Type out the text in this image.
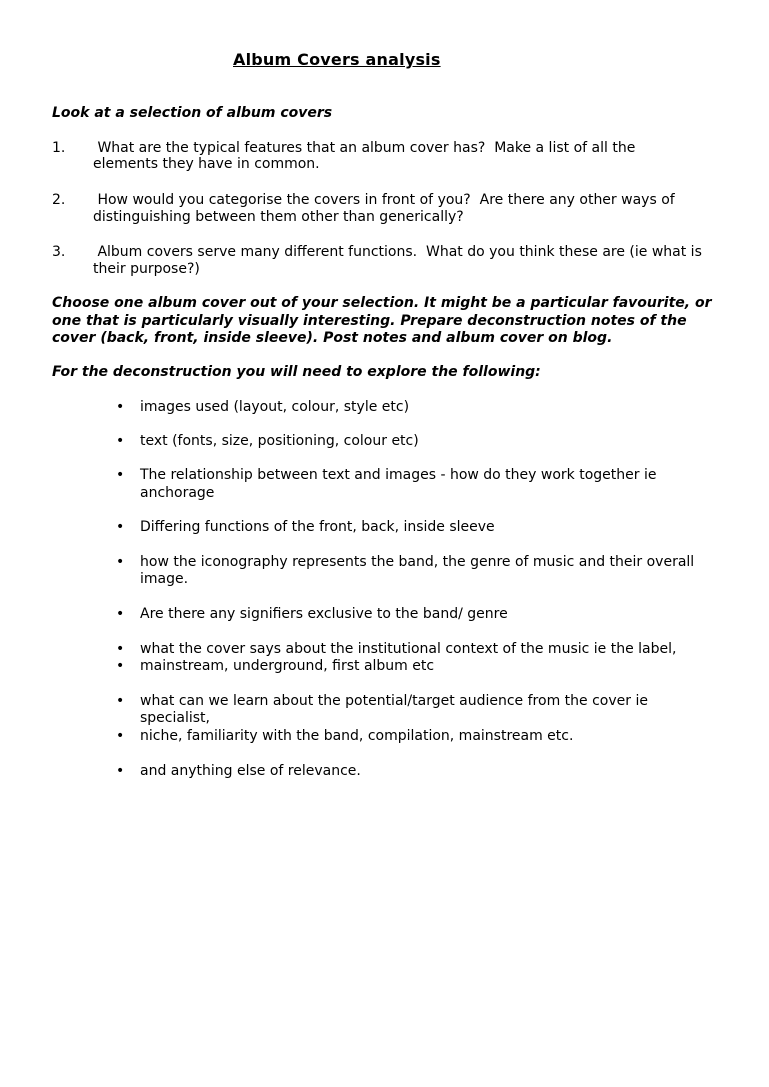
Album Covers analysis
Look at a selection of album covers
1. What are the typical features that an album cover has?  Make a list of all the
elements they have in common.
2. How would you categorise the covers in front of you?  Are there any other ways of
distinguishing between them other than generically?
3. Album covers serve many different functions.  What do you think these are (ie what is
their purpose?)
Choose one album cover out of your selection. It might be a particular favourite, or
one that is particularly visually interesting. Prepare deconstruction notes of the
cover (back, front, inside sleeve). Post notes and album cover on blog.
For the deconstruction you will need to explore the following:
• images used (layout, colour, style etc)
• text (fonts, size, positioning, colour etc)
• The relationship between text and images - how do they work together ie
anchorage
• Differing functions of the front, back, inside sleeve
• how the iconography represents the band, the genre of music and their overall
image.
• Are there any signifiers exclusive to the band/ genre
• what the cover says about the institutional context of the music ie the label,
• mainstream, underground, first album etc
• what can we learn about the potential/target audience from the cover ie
specialist,
• niche, familiarity with the band, compilation, mainstream etc.
• and anything else of relevance.
